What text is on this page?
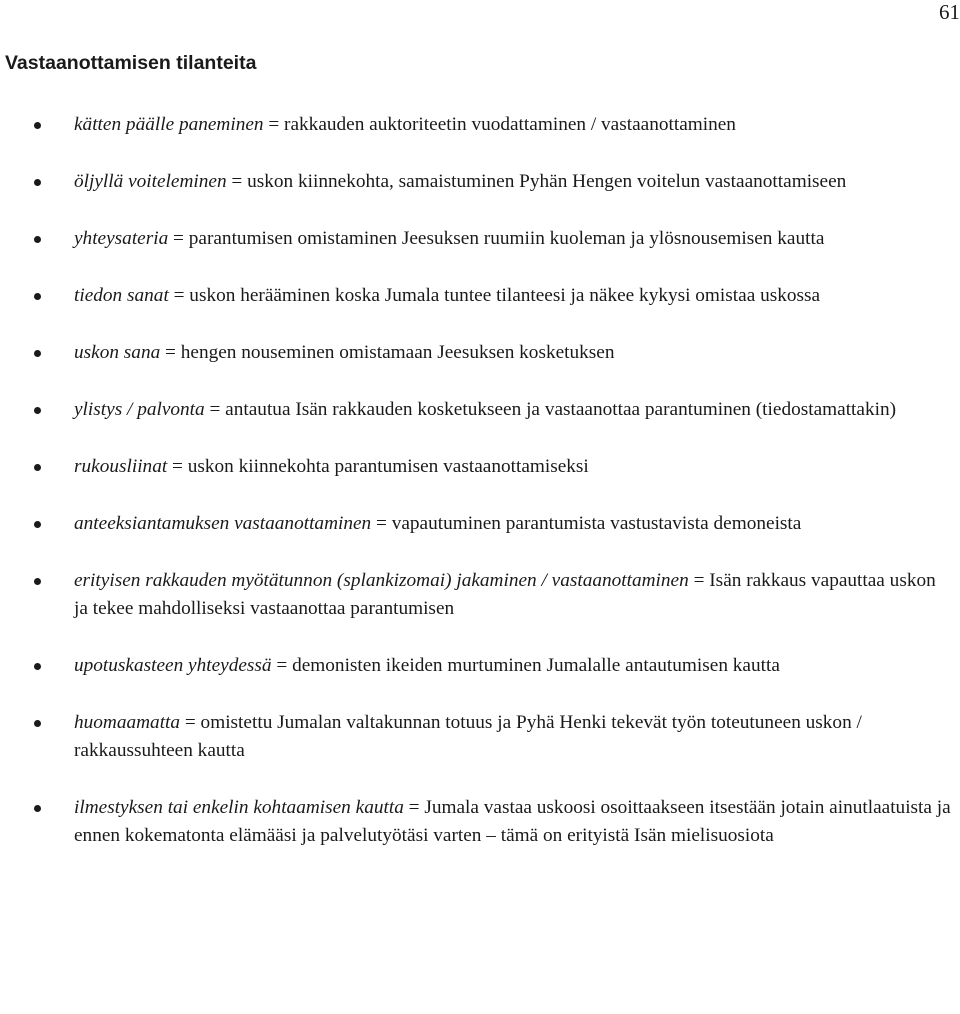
61
Vastaanottamisen tilanteita
kätten päälle paneminen = rakkauden auktoriteetin vuodattaminen / vastaanottaminen
öljyllä voiteleminen = uskon kiinnekohta, samaistuminen Pyhän Hengen voitelun vastaanottamiseen
yhteysateria = parantumisen omistaminen Jeesuksen ruumiin kuoleman ja ylösnousemisen kautta
tiedon sanat = uskon herääminen koska Jumala tuntee tilanteesi ja näkee kykysi omistaa uskossa
uskon sana = hengen nouseminen omistamaan Jeesuksen kosketuksen
ylistys / palvonta = antautua Isän rakkauden kosketukseen ja vastaanottaa parantuminen (tiedostamattakin)
rukousliinat = uskon kiinnekohta parantumisen vastaanottamiseksi
anteeksiantamuksen vastaanottaminen = vapautuminen parantumista vastustavista demoneista
erityisen rakkauden myötätunnon (splankizomai) jakaminen / vastaanottaminen = Isän rakkaus vapauttaa uskon ja tekee mahdolliseksi vastaanottaa parantumisen
upotuskasteen yhteydessä = demonisten ikeiden murtuminen Jumalalle antautumisen kautta
huomaamatta = omistettu Jumalan valtakunnan totuus ja Pyhä Henki tekevät työn toteutuneen uskon / rakkaussuhteen kautta
ilmestyksen tai enkelin kohtaamisen kautta = Jumala vastaa uskoosi osoittaakseen itsestään jotain ainutlaatuista ja ennen kokematonta elämääsi ja palvelutyötäsi varten – tämä on erityistä Isän mielisuosiota
